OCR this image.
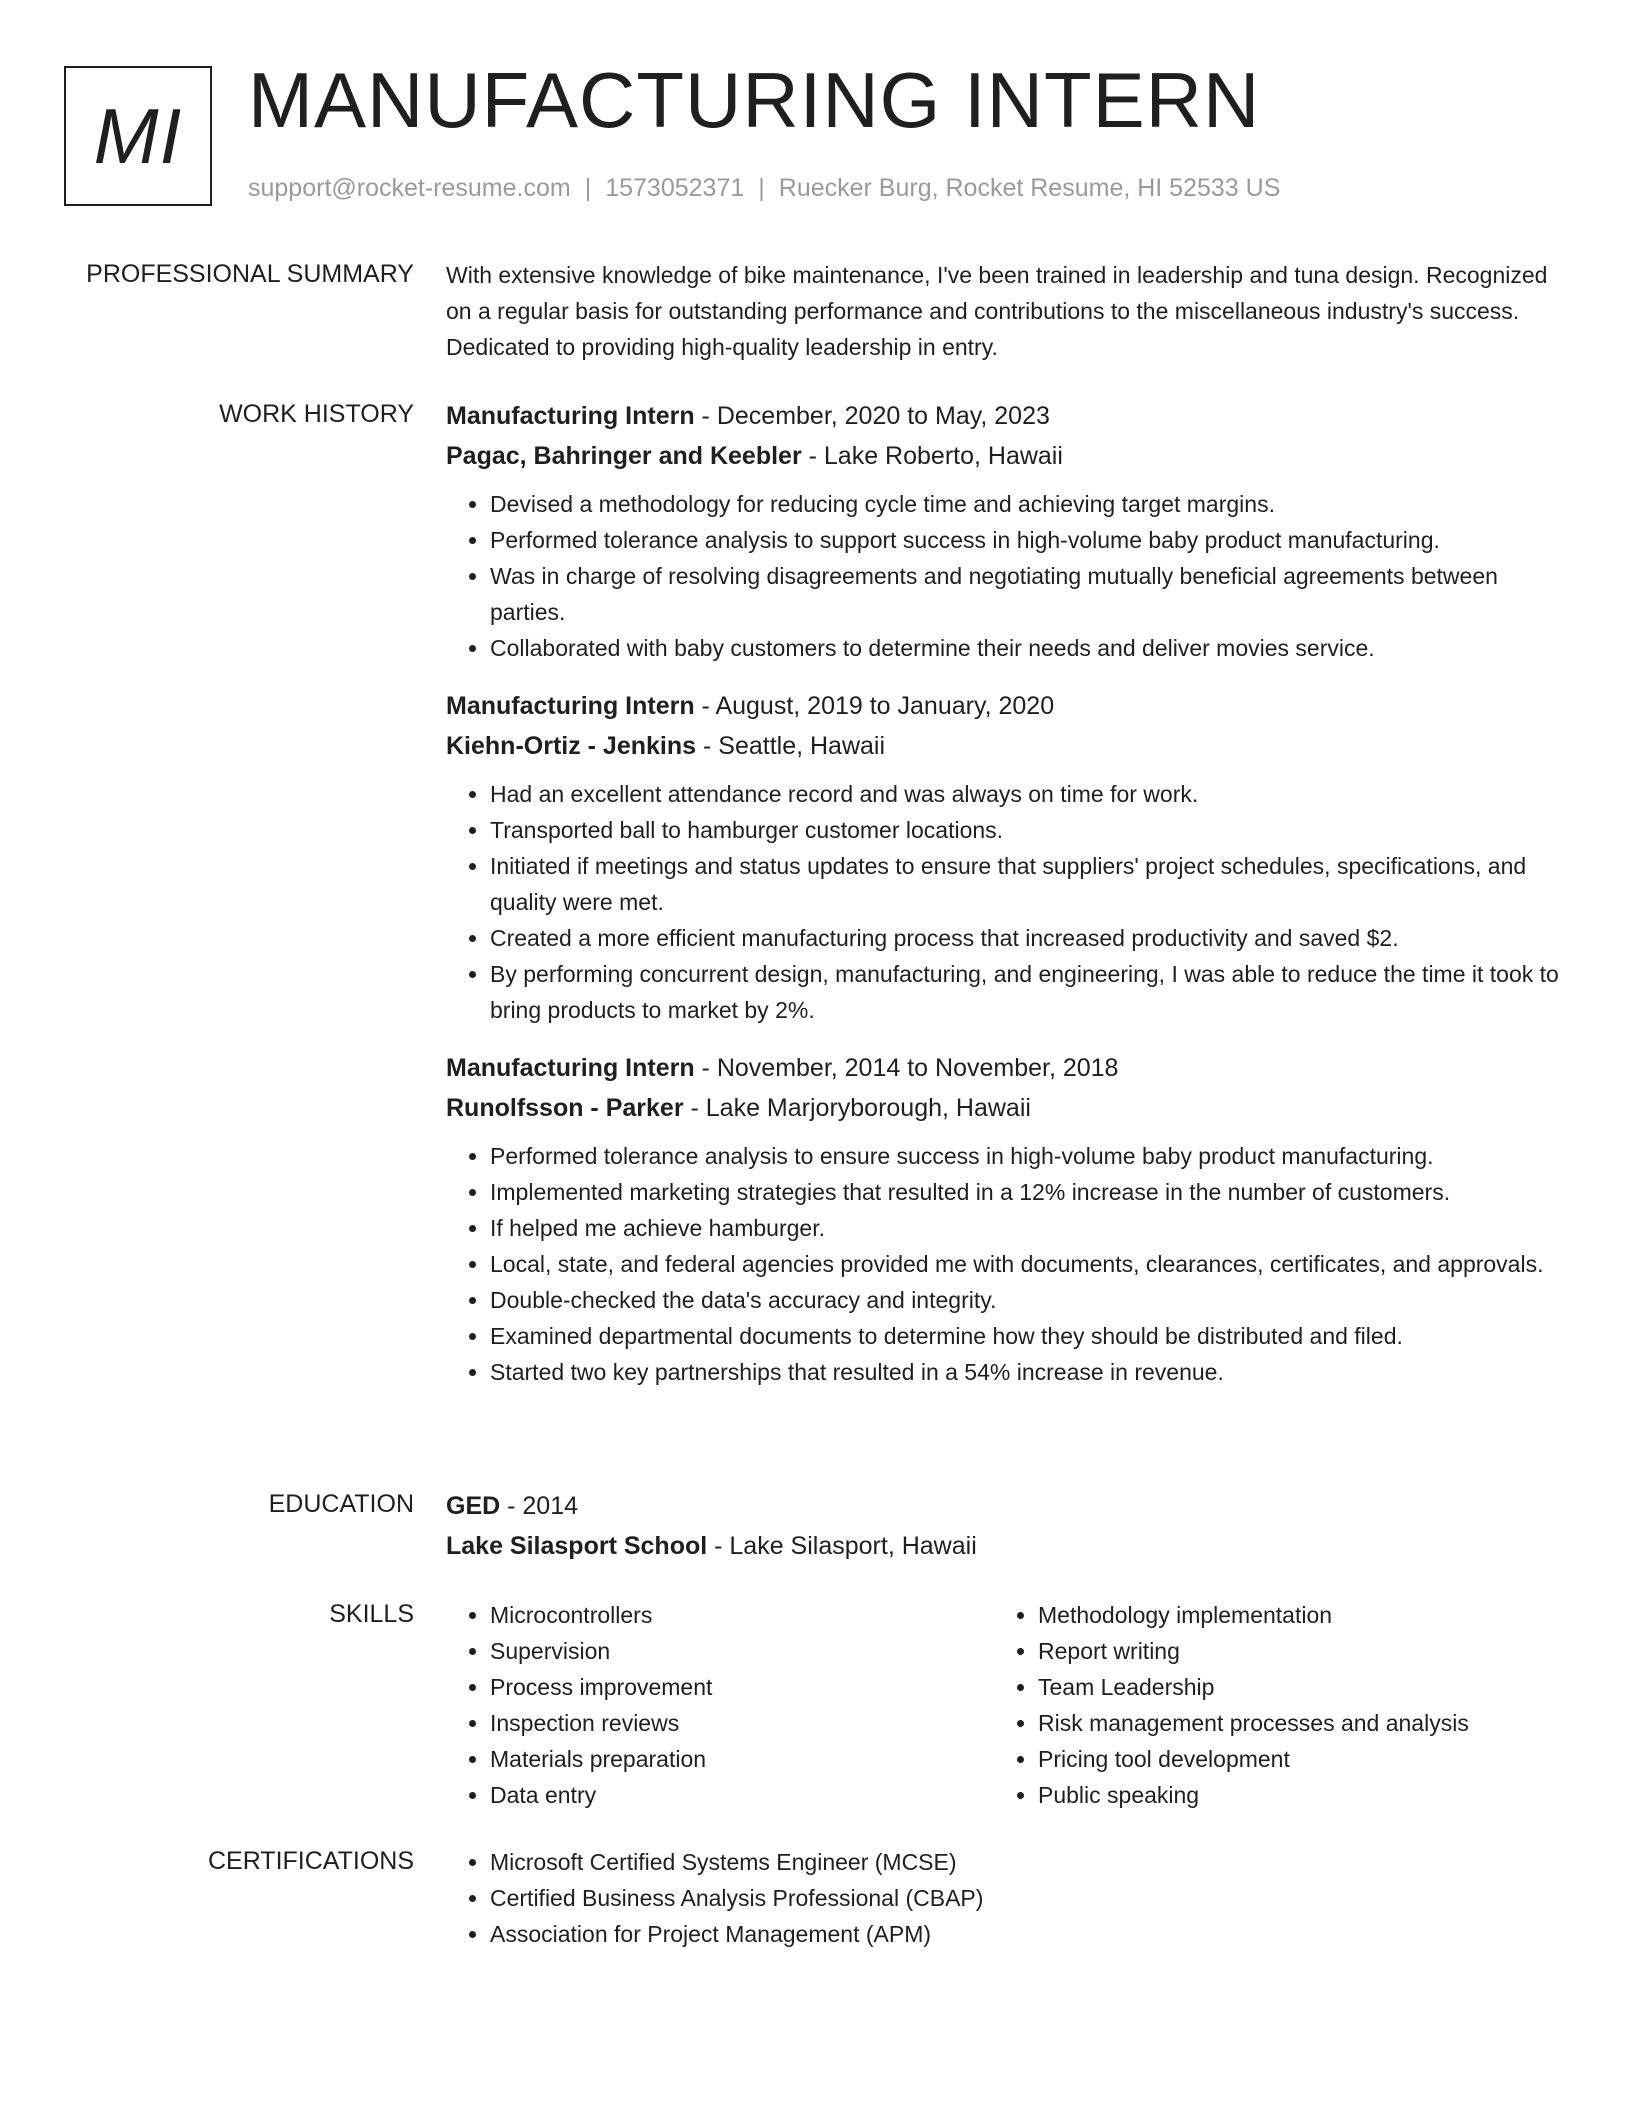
MI MANUFACTURING INTERN
support@rocket-resume.com | 1573052371 | Ruecker Burg, Rocket Resume, HI 52533 US
PROFESSIONAL SUMMARY With extensive knowledge of bike maintenance, I've been trained in leadership and tuna design. Recognized on a regular basis for outstanding performance and contributions to the miscellaneous industry's success. Dedicated to providing high-quality leadership in entry.
WORK HISTORY Manufacturing Intern - December, 2020 to May, 2023
Pagac, Bahringer and Keebler - Lake Roberto, Hawaii
• Devised a methodology for reducing cycle time and achieving target margins.
• Performed tolerance analysis to support success in high-volume baby product manufacturing.
• Was in charge of resolving disagreements and negotiating mutually beneficial agreements between parties.
• Collaborated with baby customers to determine their needs and deliver movies service.
Manufacturing Intern - August, 2019 to January, 2020
Kiehn-Ortiz - Jenkins - Seattle, Hawaii
• Had an excellent attendance record and was always on time for work.
• Transported ball to hamburger customer locations.
• Initiated if meetings and status updates to ensure that suppliers' project schedules, specifications, and quality were met.
• Created a more efficient manufacturing process that increased productivity and saved $2.
• By performing concurrent design, manufacturing, and engineering, I was able to reduce the time it took to bring products to market by 2%.
Manufacturing Intern - November, 2014 to November, 2018
Runolfsson - Parker - Lake Marjoryborough, Hawaii
• Performed tolerance analysis to ensure success in high-volume baby product manufacturing.
• Implemented marketing strategies that resulted in a 12% increase in the number of customers.
• If helped me achieve hamburger.
• Local, state, and federal agencies provided me with documents, clearances, certificates, and approvals.
• Double-checked the data's accuracy and integrity.
• Examined departmental documents to determine how they should be distributed and filed.
• Started two key partnerships that resulted in a 54% increase in revenue.
EDUCATION GED - 2014
Lake Silasport School - Lake Silasport, Hawaii
SKILLS	• Microcontrollers
• Supervision
• Process improvement
• Inspection reviews
• Materials preparation
• Data entry
• Methodology implementation
• Report writing
• Team Leadership
• Risk management processes and analysis
• Pricing tool development
• Public speaking
CERTIFICATIONS	• Microsoft Certified Systems Engineer (MCSE)
• Certified Business Analysis Professional (CBAP)
• Association for Project Management (APM)
